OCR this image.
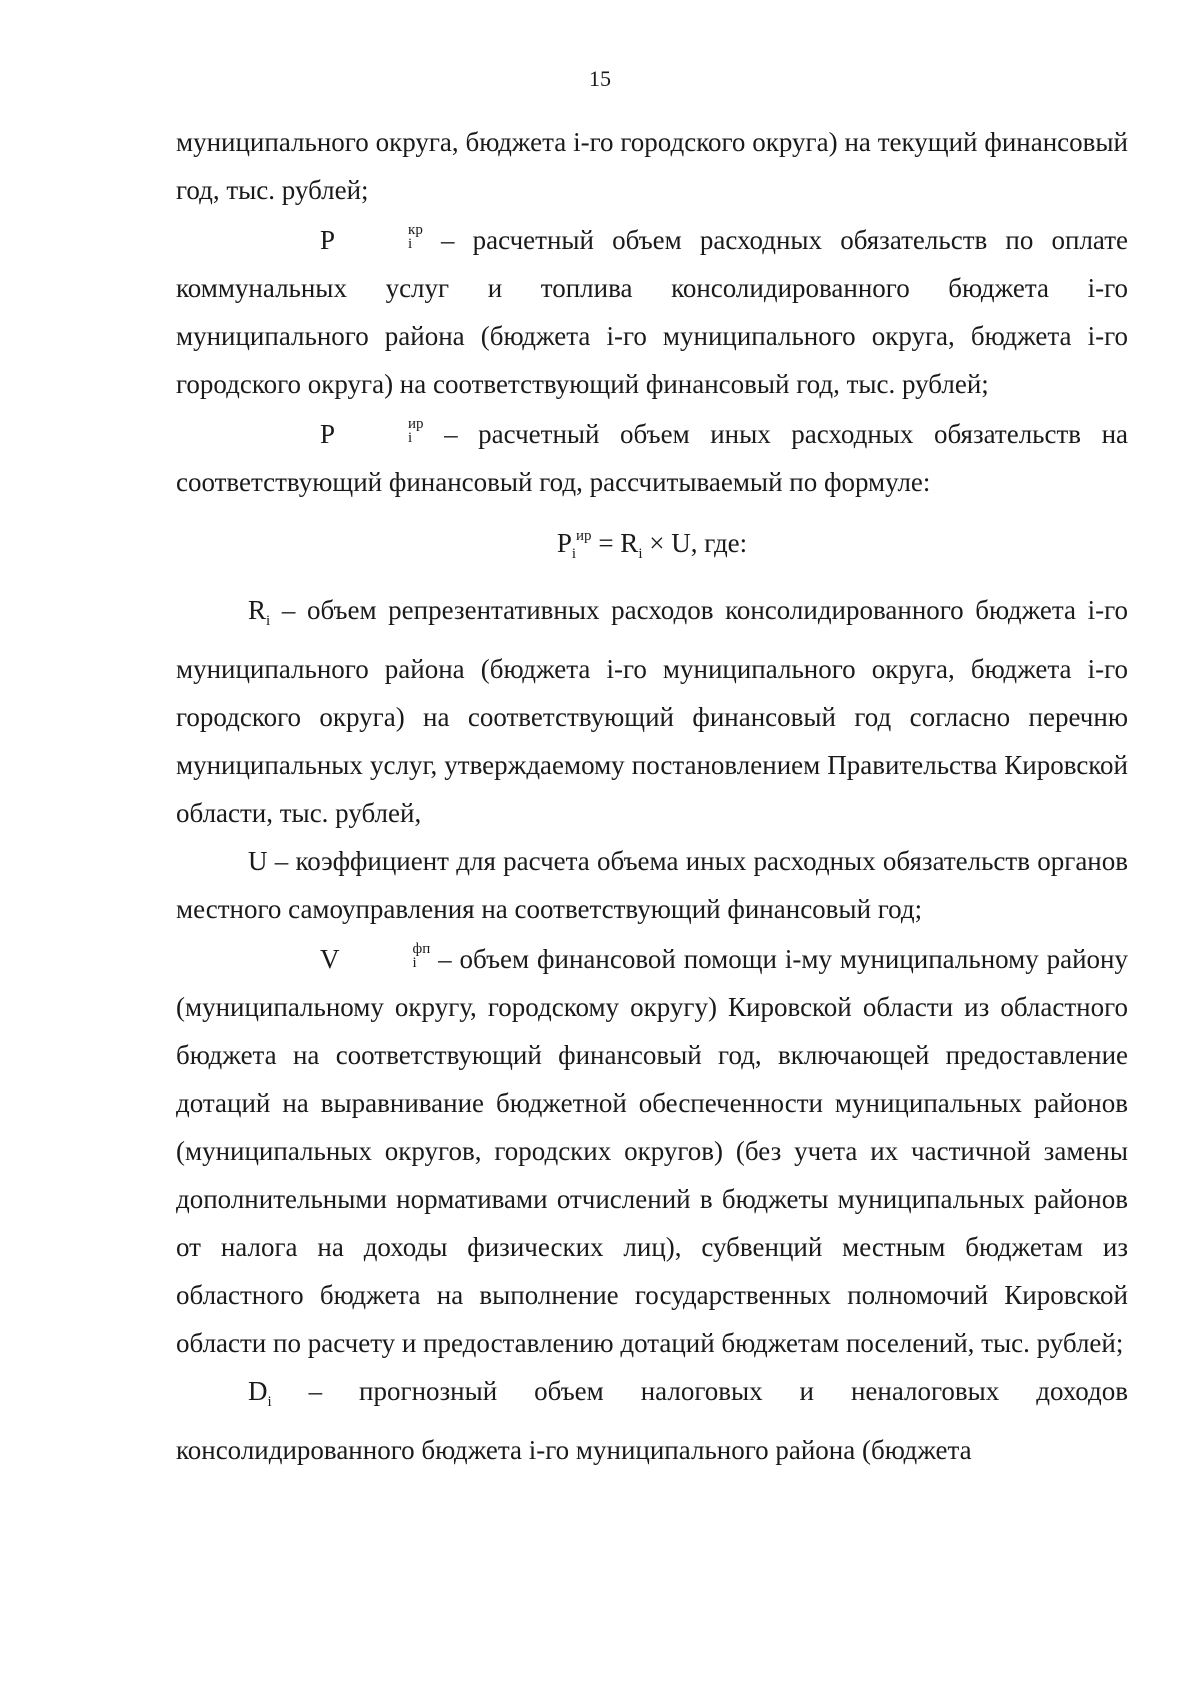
15

муниципального округа, бюджета i-го городского округа) на текущий финансовый год, тыс. рублей;

P	кр
i	– расчетный объем расходных обязательств по оплате коммунальных услуг и топлива консолидированного бюджета i-го муниципального района (бюджета i-го муниципального округа, бюджета i-го городского округа) на соответствующий финансовый год, тыс. рублей;

P	ир
i	– расчетный объем иных расходных обязательств на соответствующий финансовый год, рассчитываемый по формуле:

$P_i^{ир} = R_i \times U$, где:

$R_i$ – объем репрезентативных расходов консолидированного бюджета i-го муниципального района (бюджета i-го муниципального округа, бюджета i-го городского округа) на соответствующий финансовый год согласно перечню муниципальных услуг, утверждаемому постановлением Правительства Кировской области, тыс. рублей,

U – коэффициент для расчета объема иных расходных обязательств органов местного самоуправления на соответствующий финансовый год;

V	фп
i – объем финансовой помощи i-му муниципальному району (муниципальному округу, городскому округу) Кировской области из областного бюджета на соответствующий финансовый год, включающей предоставление дотаций на выравнивание бюджетной обеспеченности муниципальных районов (муниципальных округов, городских округов) (без учета их частичной замены дополнительными нормативами отчислений в бюджеты муниципальных районов от налога на доходы физических лиц), субвенций местным бюджетам из областного бюджета на выполнение государственных полномочий Кировской области по расчету и предоставлению дотаций бюджетам поселений, тыс. рублей;

$D_i$ – прогнозный объем налоговых и неналоговых доходов консолидированного бюджета i-го муниципального района (бюджета
